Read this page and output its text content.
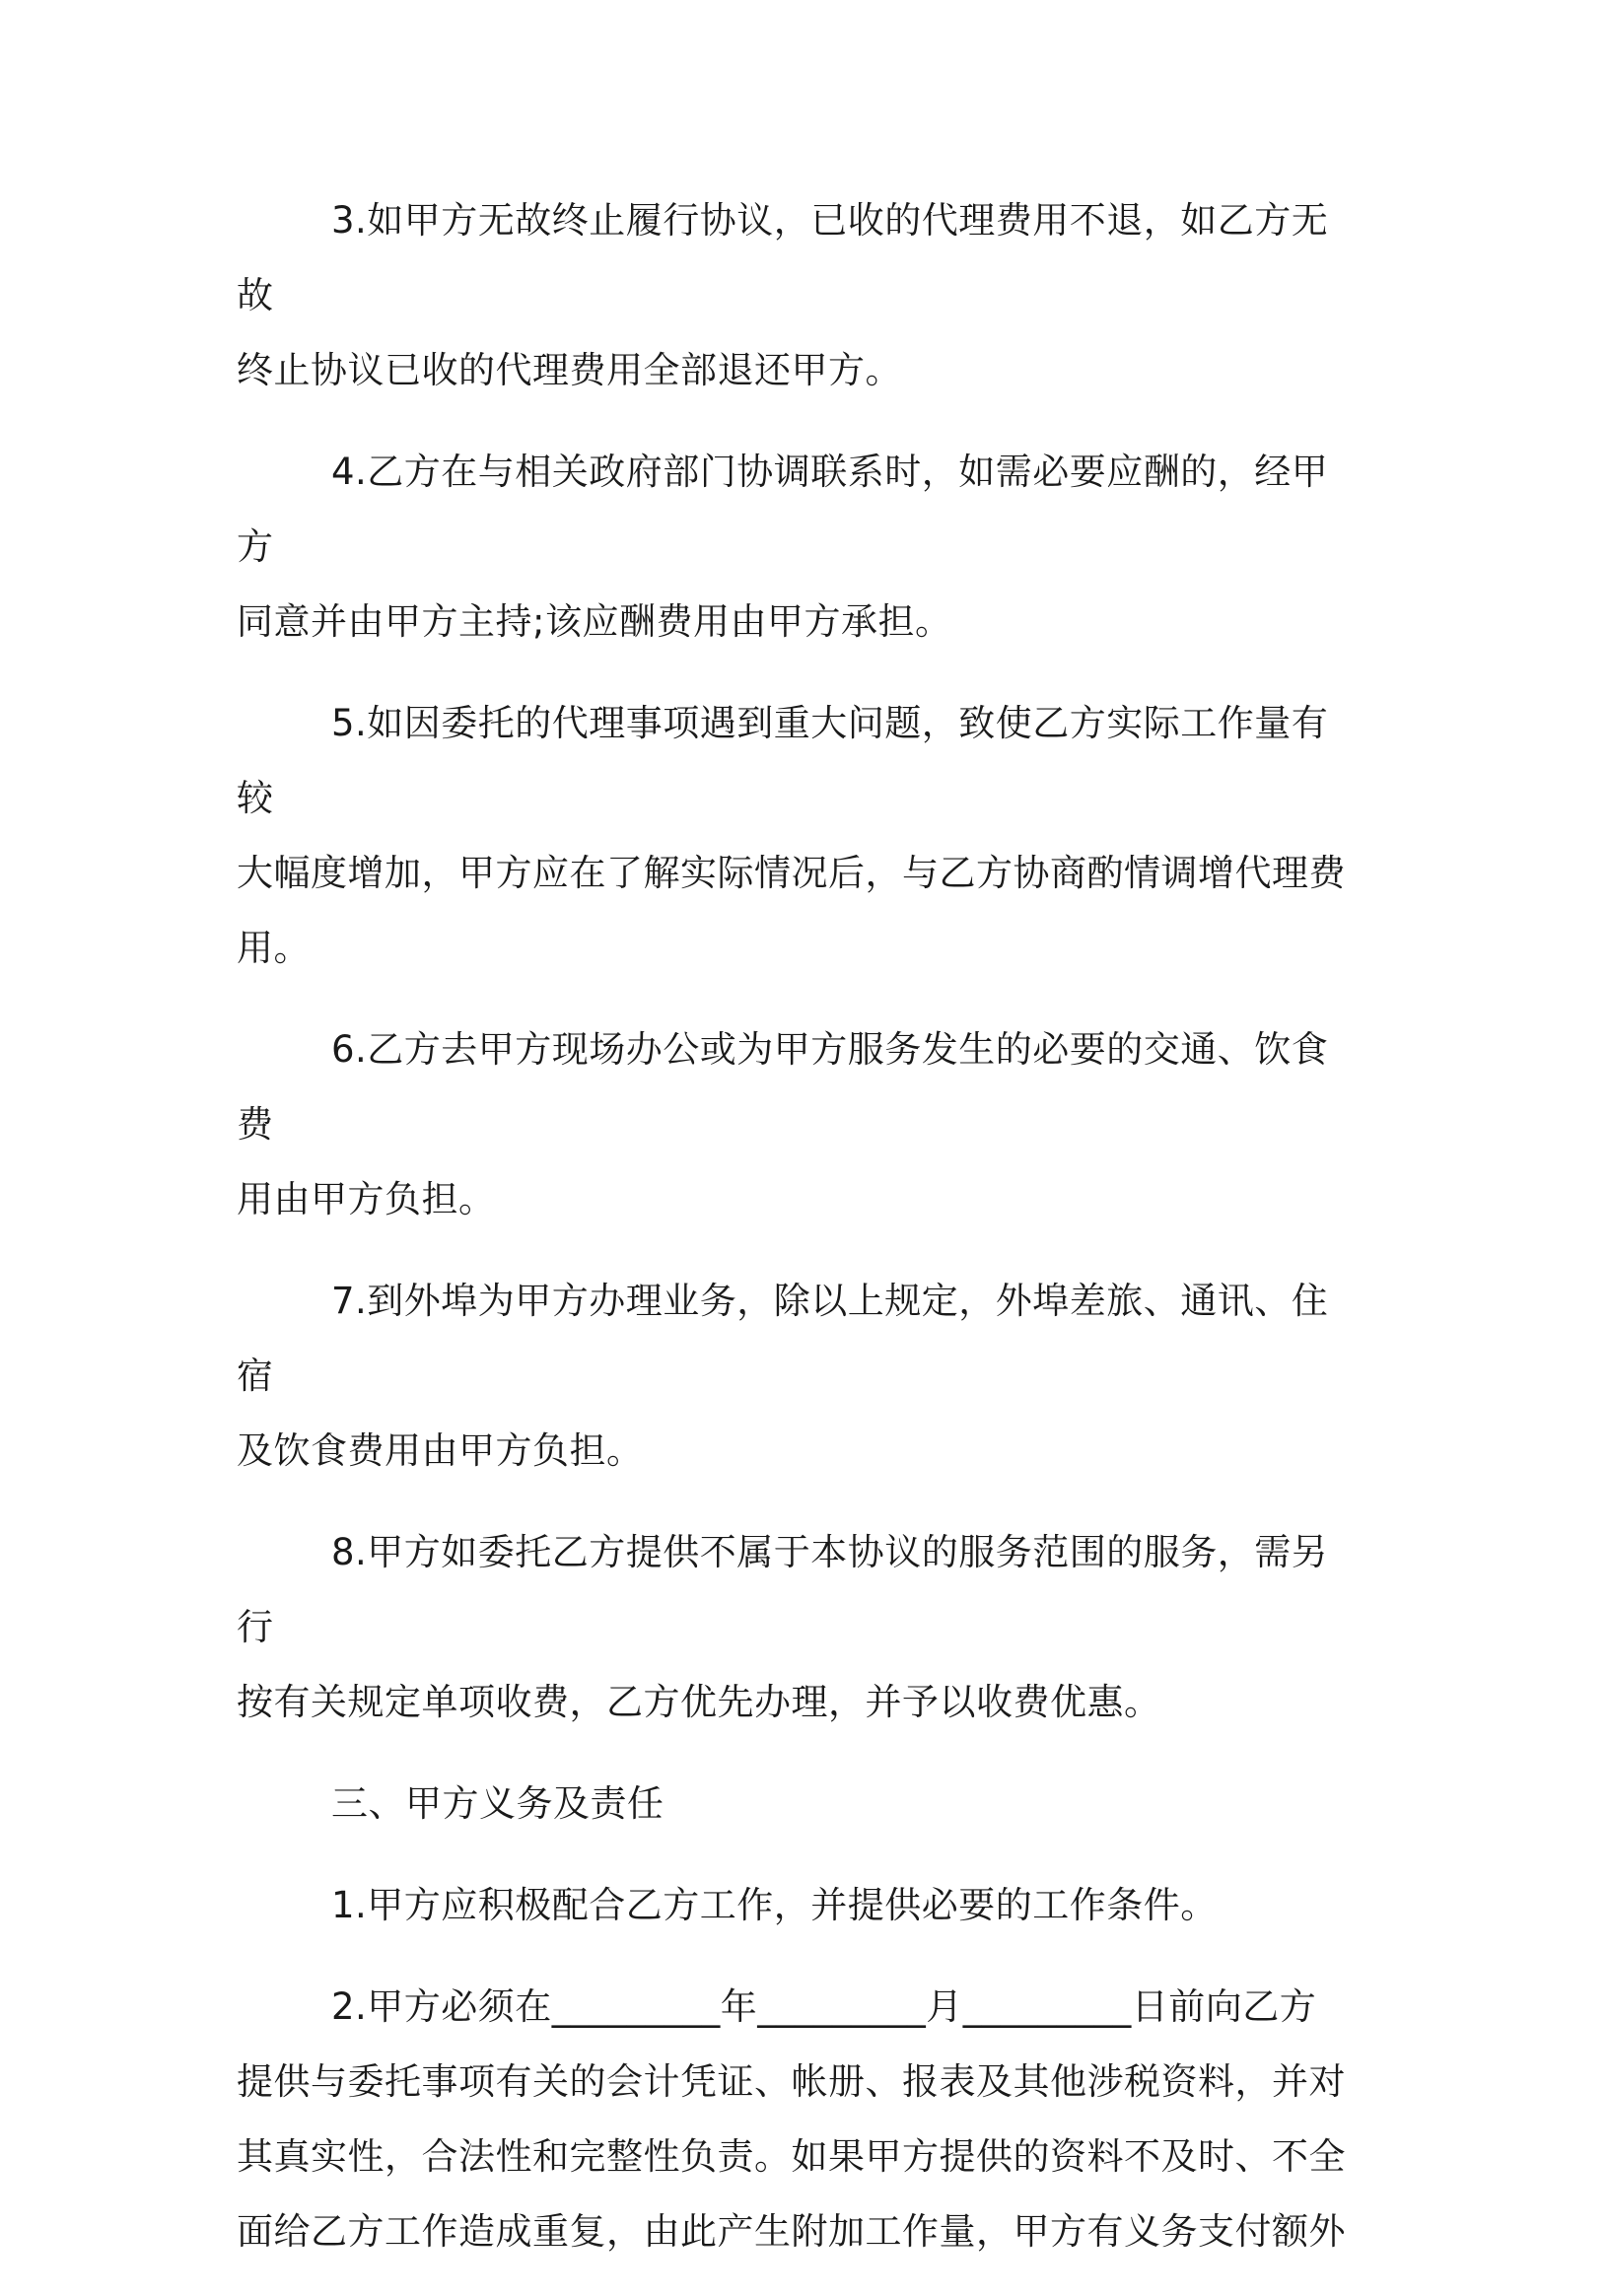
3.如甲方无故终止履行协议，已收的代理费用不退，如乙方无故
终止协议已收的代理费用全部退还甲方。

4.乙方在与相关政府部门协调联系时，如需必要应酬的，经甲方
同意并由甲方主持;该应酬费用由甲方承担。

5.如因委托的代理事项遇到重大问题，致使乙方实际工作量有较
大幅度增加，甲方应在了解实际情况后，与乙方协商酌情调增代理费
用。

6.乙方去甲方现场办公或为甲方服务发生的必要的交通、饮食费
用由甲方负担。

7.到外埠为甲方办理业务，除以上规定，外埠差旅、通讯、住宿
及饮食费用由甲方负担。

8.甲方如委托乙方提供不属于本协议的服务范围的服务，需另行
按有关规定单项收费，乙方优先办理，并予以收费优惠。

三、甲方义务及责任

1.甲方应积极配合乙方工作，并提供必要的工作条件。

2.甲方必须在_________年_________月_________日前向乙方
提供与委托事项有关的会计凭证、帐册、报表及其他涉税资料，并对
其真实性，合法性和完整性负责。如果甲方提供的资料不及时、不全
面给乙方工作造成重复，由此产生附加工作量，甲方有义务支付额外
